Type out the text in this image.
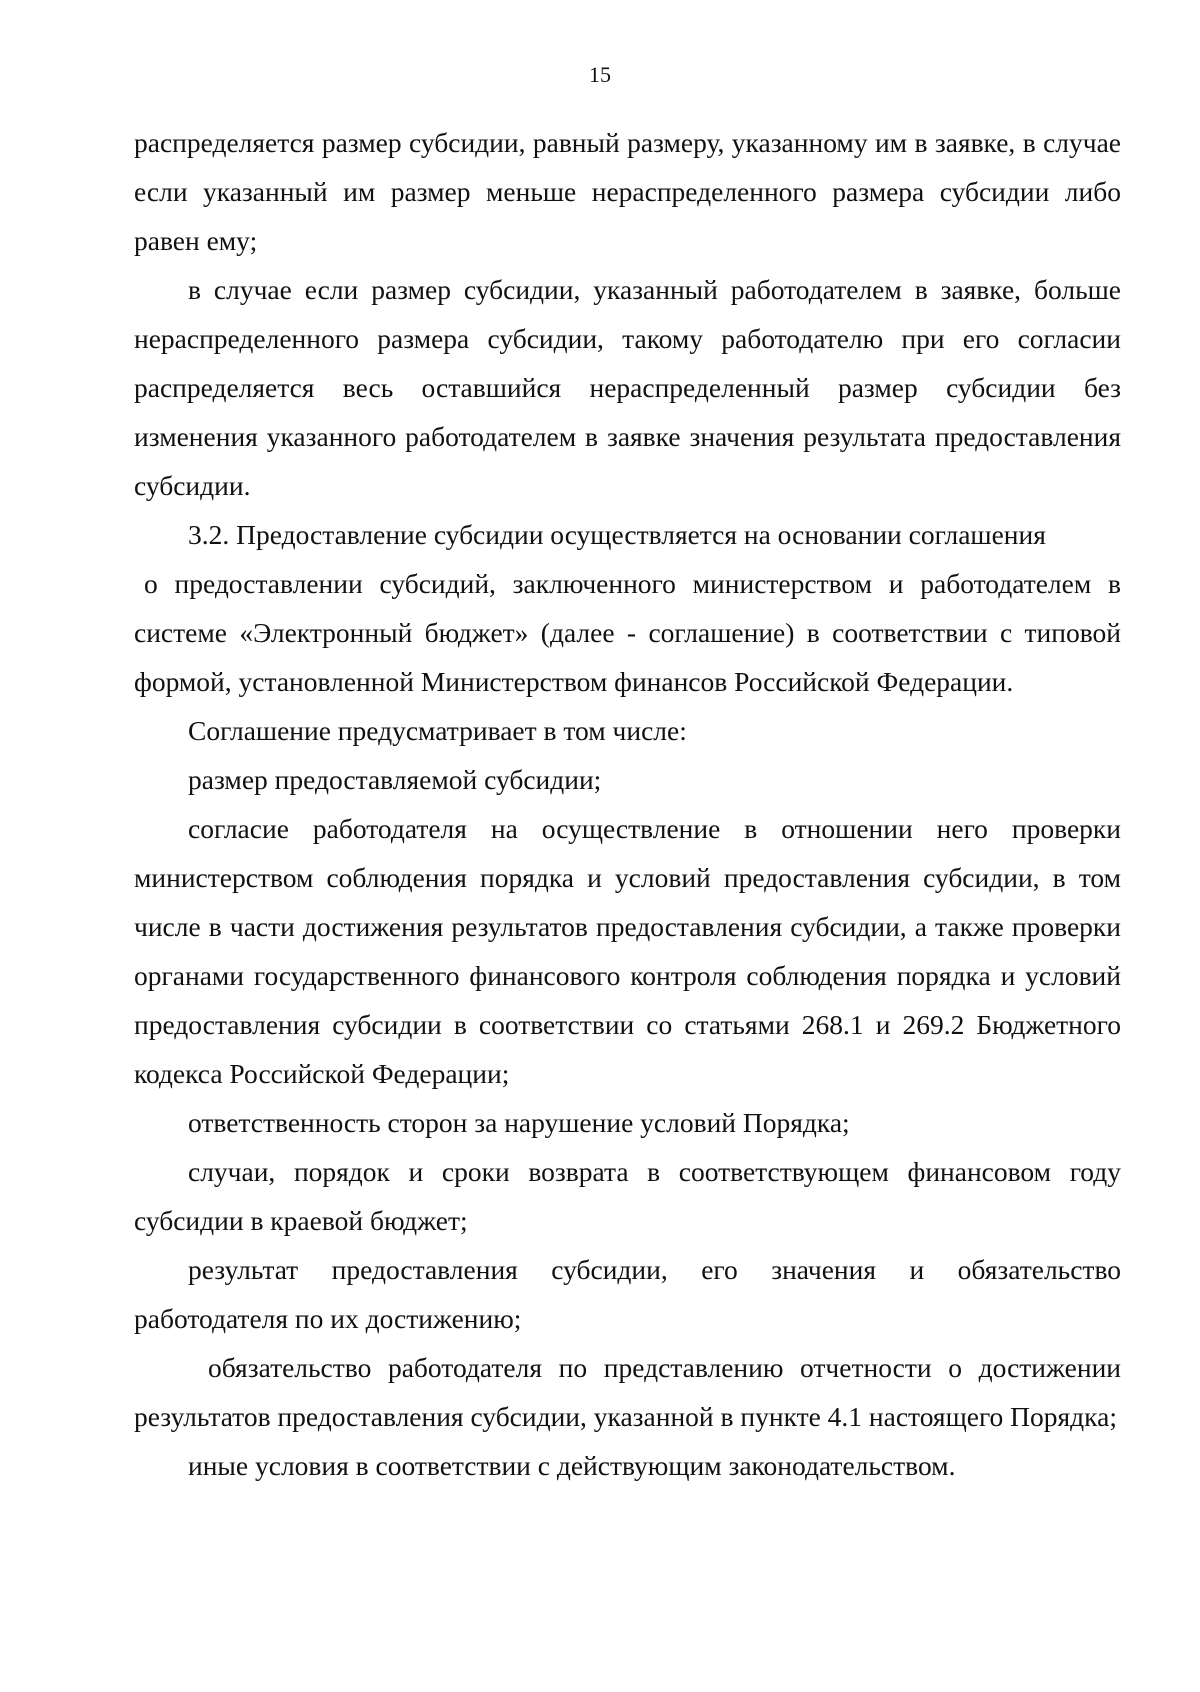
15

распределяется размер субсидии, равный размеру, указанному им в заявке, в случае если указанный им размер меньше нераспределенного размера субсидии либо равен ему;

в случае если размер субсидии, указанный работодателем в заявке, больше нераспределенного размера субсидии, такому работодателю при его согласии распределяется весь оставшийся нераспределенный размер субсидии без изменения указанного работодателем в заявке значения результата предоставления субсидии.

3.2. Предоставление субсидии осуществляется на основании соглашения

о предоставлении субсидий, заключенного министерством и работодателем в системе «Электронный бюджет» (далее - соглашение) в соответствии с типовой формой, установленной Министерством финансов Российской Федерации.

Соглашение предусматривает в том числе:

размер предоставляемой субсидии;

согласие работодателя на осуществление в отношении него проверки министерством соблюдения порядка и условий предоставления субсидии, в том числе в части достижения результатов предоставления субсидии, а также проверки органами государственного финансового контроля соблюдения порядка и условий предоставления субсидии в соответствии со статьями 268.1 и 269.2 Бюджетного кодекса Российской Федерации;

ответственность сторон за нарушение условий Порядка;

случаи, порядок и сроки возврата в соответствующем финансовом году субсидии в краевой бюджет;

результат предоставления субсидии, его значения и обязательство работодателя по их достижению;

обязательство работодателя по представлению отчетности о достижении результатов предоставления субсидии, указанной в пункте 4.1 настоящего Порядка;

иные условия в соответствии с действующим законодательством.
